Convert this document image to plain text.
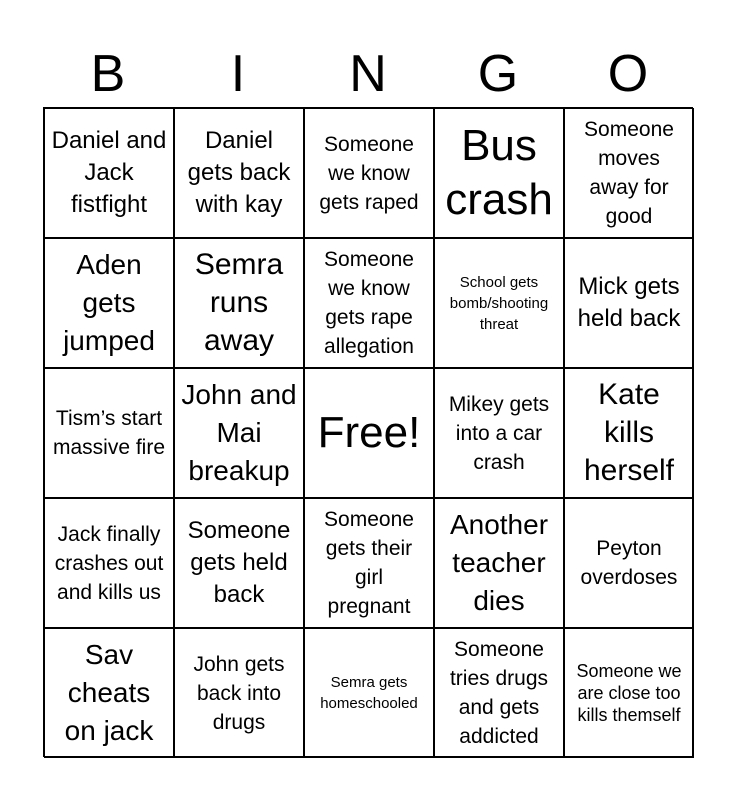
B	I	N	G	O
Daniel and Jack fistfight
Daniel gets back with kay
Someone we know gets raped
Bus crash
Someone moves away for good
Aden gets jumped
Semra runs away
Someone we know gets rape allegation
School gets bomb/shooting threat
Mick gets held back
Tism’s start massive fire
John and Mai breakup
Free!
Mikey gets into a car crash
Kate kills herself
Jack finally crashes out and kills us
Someone gets held back
Someone gets their girl pregnant
Another teacher dies
Peyton overdoses
Sav cheats on jack
John gets back into drugs
Semra gets homeschooled
Someone tries drugs and gets addicted
Someone we are close too kills themself
